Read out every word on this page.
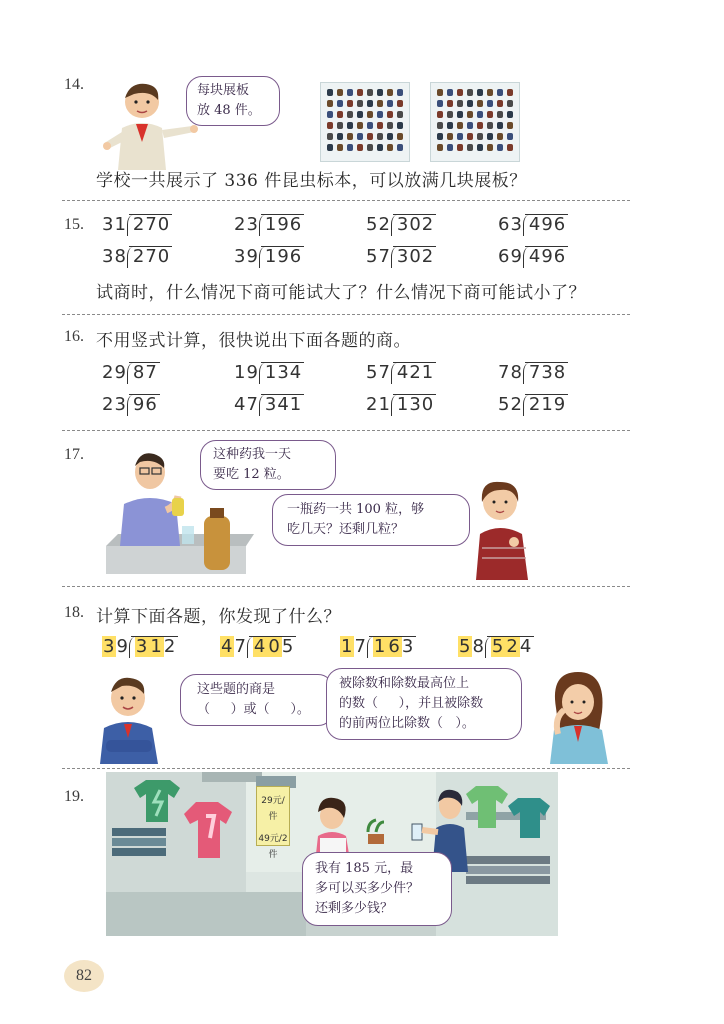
14.	每块展板
放 48 件。
学校一共展示了 336 件昆虫标本，可以放满几块展板？
15. 31 270	23 196	52 302	63 496
38 270	39 196	57 302	69 496
试商时，什么情况下商可能试大了？什么情况下商可能试小了？
16. 不用竖式计算，很快说出下面各题的商。
29 87	19 134	57 421	78 738
23 96	47 341	21 130	52 219
17.	这种药我一天
要吃 12 粒。
一瓶药一共 100 粒，够
吃几天？还剩几粒？
18. 计算下面各题，你发现了什么？
39 3 12 47 4 05	17 1 63 58 5 24
这些题的商是
（     ）或（     ）。
被除数和除数最高位上
的数（     ），并且被除数
的前两位比除数（   ）。
19.	29元/件
49元/2件
我有 185 元，最
多可以买多少件？
还剩多少钱？
82
